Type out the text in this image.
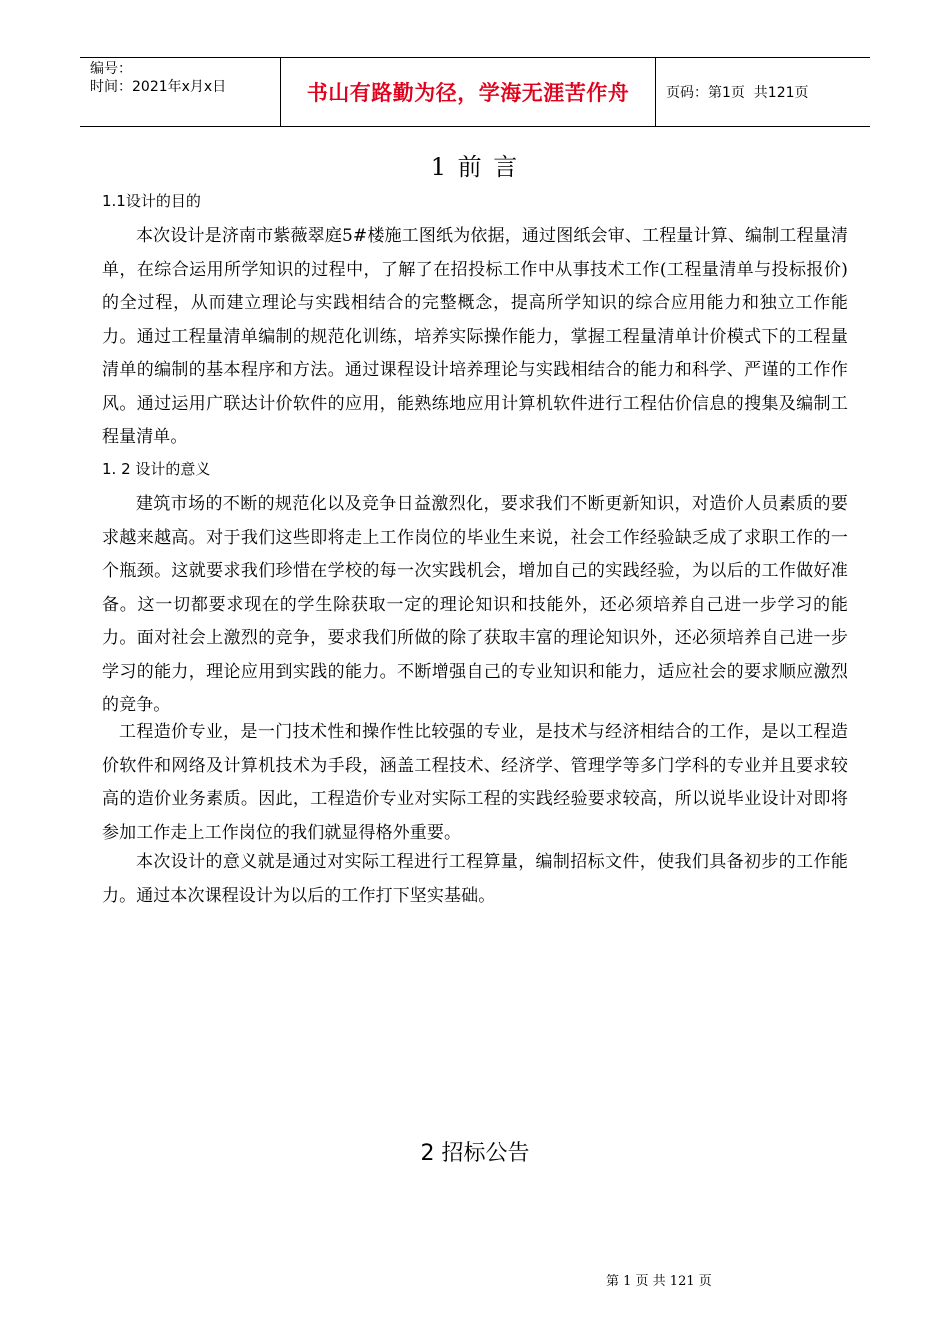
编号：
时间：2021年x月x日	书山有路勤为径，学海无涯苦作舟	页码：第1页  共121页
1 前 言
1.1设计的目的

本次设计是济南市紫薇翠庭5#楼施工图纸为依据，通过图纸会审、工程量计算、编制工程量清单，在综合运用所学知识的过程中，了解了在招投标工作中从事技术工作(工程量清单与投标报价)的全过程，从而建立理论与实践相结合的完整概念，提高所学知识的综合应用能力和独立工作能力。通过工程量清单编制的规范化训练，培养实际操作能力，掌握工程量清单计价模式下的工程量清单的编制的基本程序和方法。通过课程设计培养理论与实践相结合的能力和科学、严谨的工作作风。通过运用广联达计价软件的应用，能熟练地应用计算机软件进行工程估价信息的搜集及编制工程量清单。

1. 2 设计的意义

建筑市场的不断的规范化以及竞争日益激烈化，要求我们不断更新知识，对造价人员素质的要求越来越高。对于我们这些即将走上工作岗位的毕业生来说，社会工作经验缺乏成了求职工作的一个瓶颈。这就要求我们珍惜在学校的每一次实践机会，增加自己的实践经验，为以后的工作做好准备。这一切都要求现在的学生除获取一定的理论知识和技能外，还必须培养自己进一步学习的能力。面对社会上激烈的竞争，要求我们所做的除了获取丰富的理论知识外，还必须培养自己进一步学习的能力，理论应用到实践的能力。不断增强自己的专业知识和能力，适应社会的要求顺应激烈的竞争。

工程造价专业，是一门技术性和操作性比较强的专业，是技术与经济相结合的工作，是以工程造价软件和网络及计算机技术为手段，涵盖工程技术、经济学、管理学等多门学科的专业并且要求较高的造价业务素质。因此，工程造价专业对实际工程的实践经验要求较高，所以说毕业设计对即将参加工作走上工作岗位的我们就显得格外重要。

本次设计的意义就是通过对实际工程进行工程算量，编制招标文件，使我们具备初步的工作能力。通过本次课程设计为以后的工作打下坚实基础。

2 招标公告
第 1 页 共 121 页
